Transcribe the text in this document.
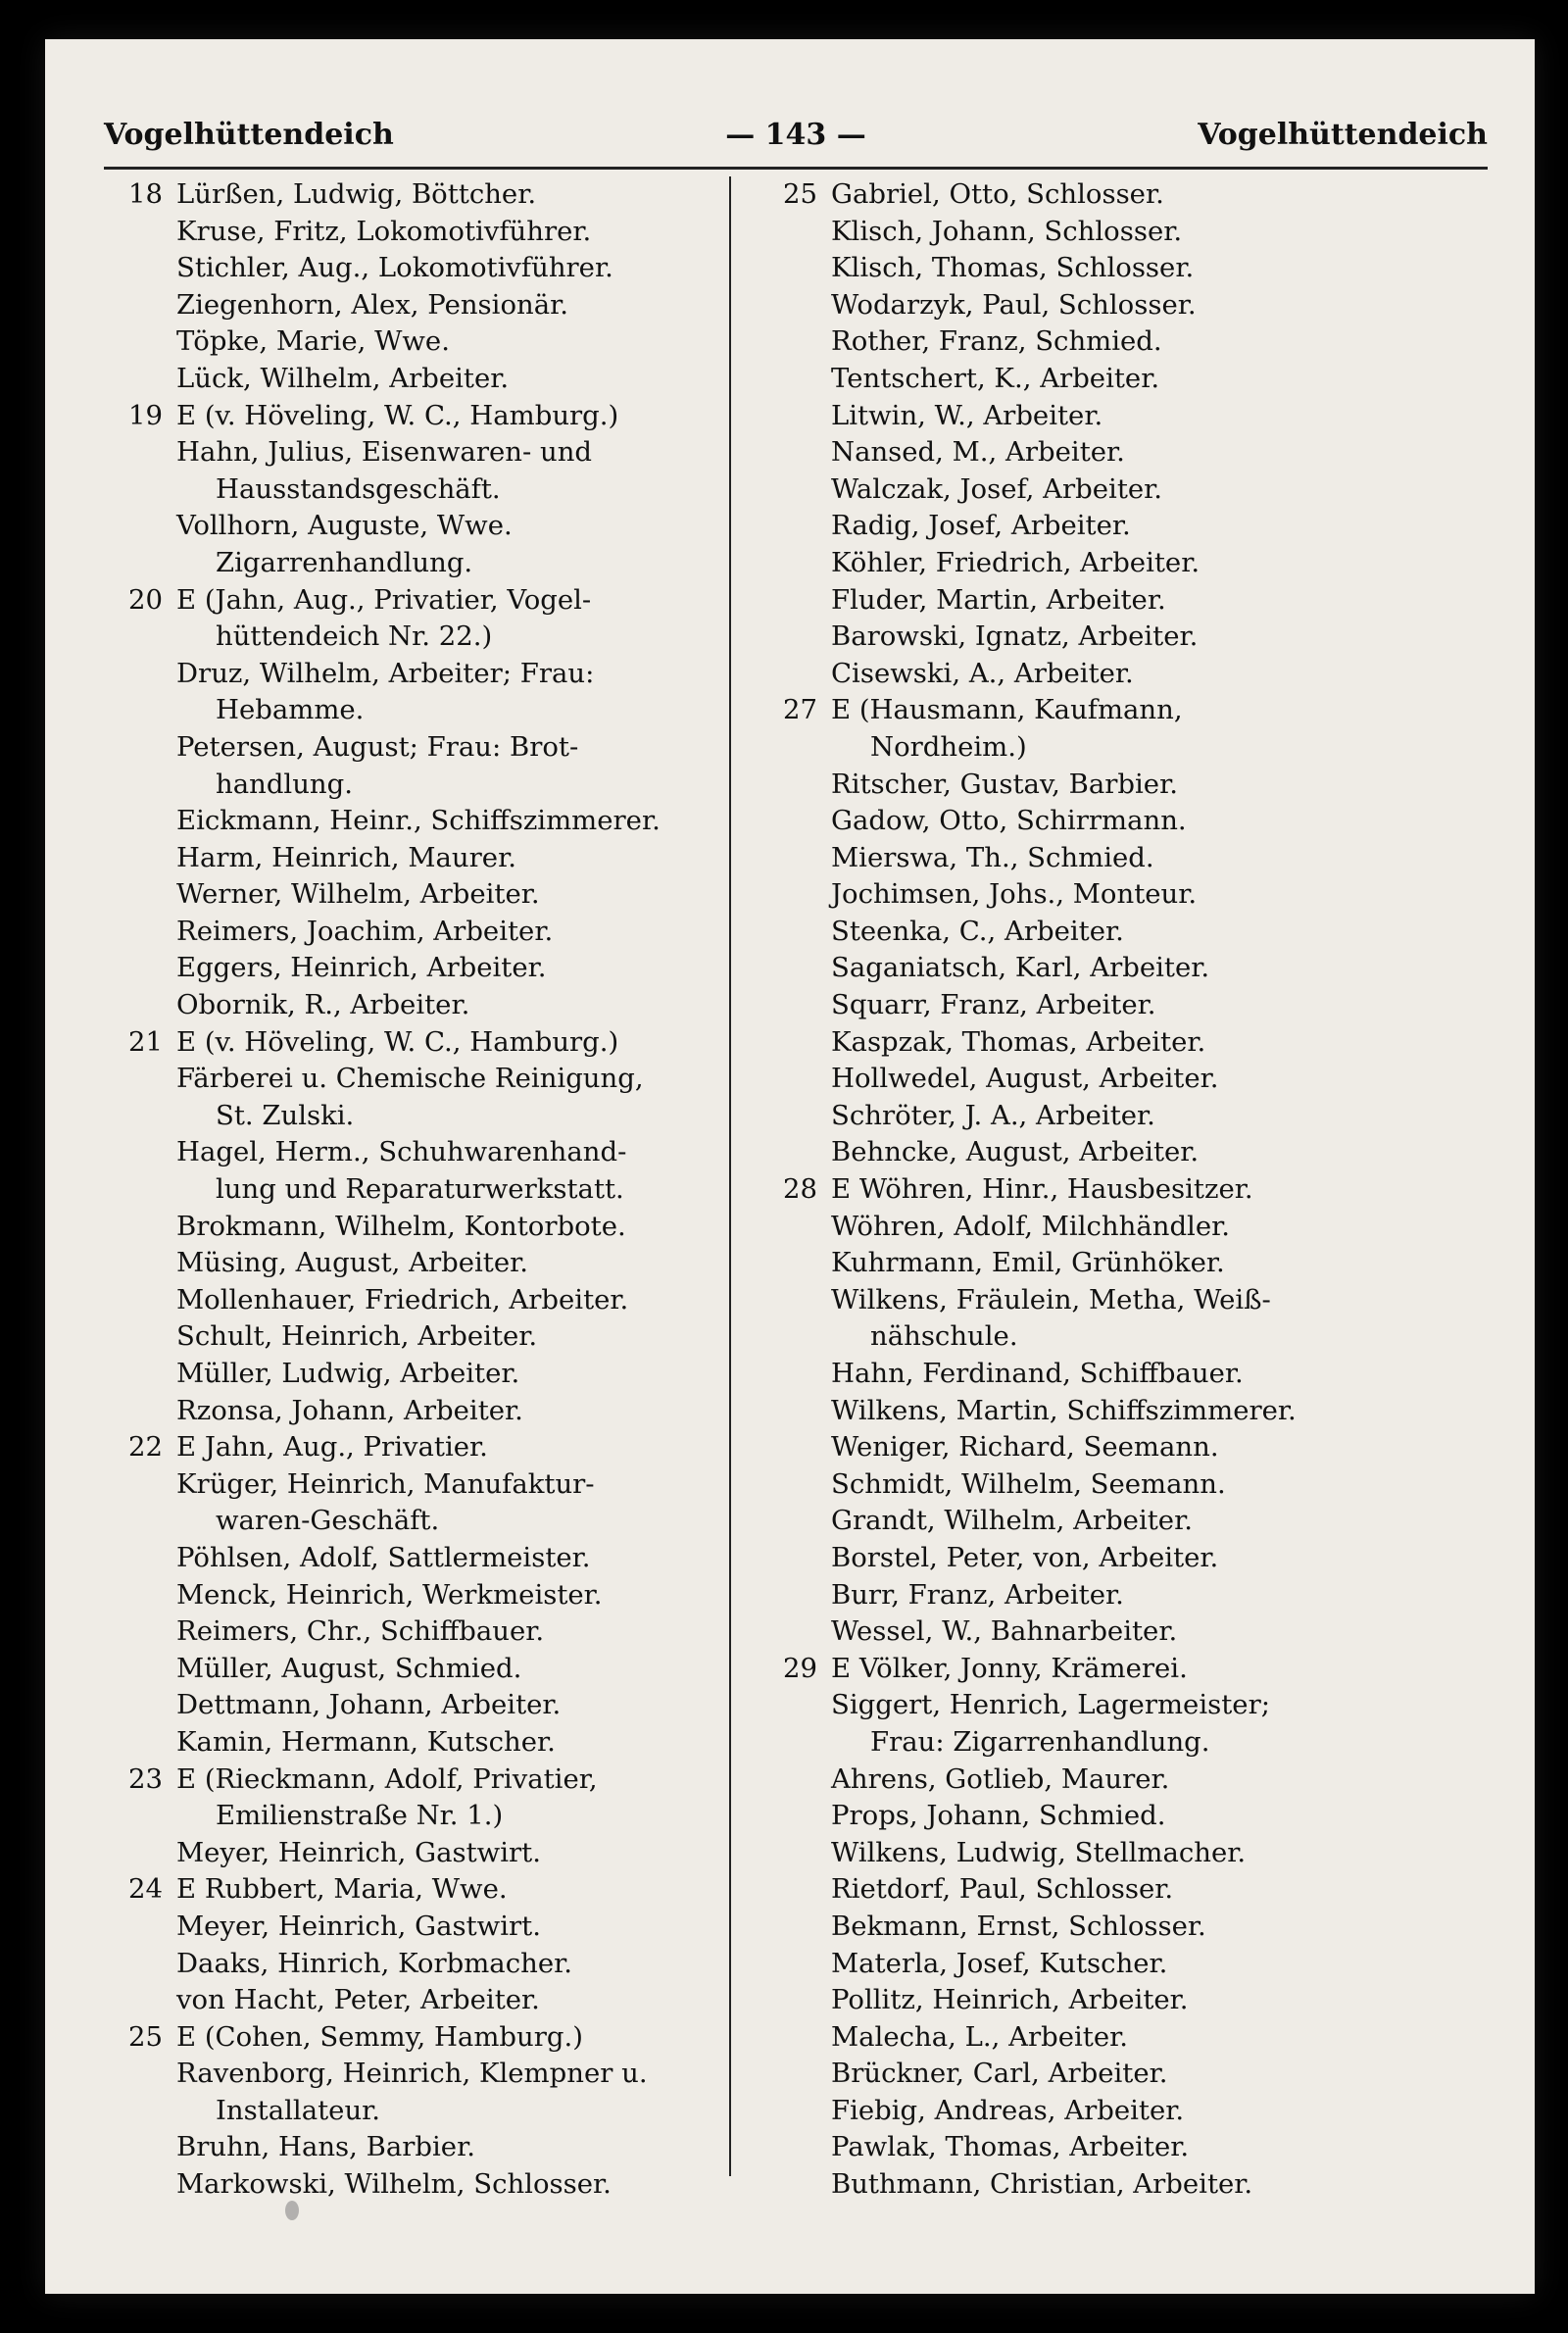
Vogelhüttendeich	— 143 —	Vogelhüttendeich
18 Lürßen, Ludwig, Böttcher.
Kruse, Fritz, Lokomotivführer.
Stichler, Aug., Lokomotivführer.
Ziegenhorn, Alex, Pensionär.
Töpke, Marie, Wwe.
Lück, Wilhelm, Arbeiter.
19 E (v. Höveling, W. C., Hamburg.)
Hahn, Julius, Eisenwaren- und
Hausstandsgeschäft.
Vollhorn, Auguste, Wwe.
Zigarrenhandlung.
20 E (Jahn, Aug., Privatier, Vogel-
hüttendeich Nr. 22.)
Druz, Wilhelm, Arbeiter; Frau:
Hebamme.
Petersen, August; Frau: Brot-
handlung.
Eickmann, Heinr., Schiffszimmerer.
Harm, Heinrich, Maurer.
Werner, Wilhelm, Arbeiter.
Reimers, Joachim, Arbeiter.
Eggers, Heinrich, Arbeiter.
Obornik, R., Arbeiter.
21 E (v. Höveling, W. C., Hamburg.)
Färberei u. Chemische Reinigung,
St. Zulski.
Hagel, Herm., Schuhwarenhand-
lung und Reparaturwerkstatt.
Brokmann, Wilhelm, Kontorbote.
Müsing, August, Arbeiter.
Mollenhauer, Friedrich, Arbeiter.
Schult, Heinrich, Arbeiter.
Müller, Ludwig, Arbeiter.
Rzonsa, Johann, Arbeiter.
22 E Jahn, Aug., Privatier.
Krüger, Heinrich, Manufaktur-
waren-Geschäft.
Pöhlsen, Adolf, Sattlermeister.
Menck, Heinrich, Werkmeister.
Reimers, Chr., Schiffbauer.
Müller, August, Schmied.
Dettmann, Johann, Arbeiter.
Kamin, Hermann, Kutscher.
23 E (Rieckmann, Adolf, Privatier,
Emilienstraße Nr. 1.)
Meyer, Heinrich, Gastwirt.
24 E Rubbert, Maria, Wwe.
Meyer, Heinrich, Gastwirt.
Daaks, Hinrich, Korbmacher.
von Hacht, Peter, Arbeiter.
25 E (Cohen, Semmy, Hamburg.)
Ravenborg, Heinrich, Klempner u.
Installateur.
Bruhn, Hans, Barbier.
Markowski, Wilhelm, Schlosser.
25 Gabriel, Otto, Schlosser.
Klisch, Johann, Schlosser.
Klisch, Thomas, Schlosser.
Wodarzyk, Paul, Schlosser.
Rother, Franz, Schmied.
Tentschert, K., Arbeiter.
Litwin, W., Arbeiter.
Nansed, M., Arbeiter.
Walczak, Josef, Arbeiter.
Radig, Josef, Arbeiter.
Köhler, Friedrich, Arbeiter.
Fluder, Martin, Arbeiter.
Barowski, Ignatz, Arbeiter.
Cisewski, A., Arbeiter.
27 E (Hausmann, Kaufmann,
Nordheim.)
Ritscher, Gustav, Barbier.
Gadow, Otto, Schirrmann.
Mierswa, Th., Schmied.
Jochimsen, Johs., Monteur.
Steenka, C., Arbeiter.
Saganiatsch, Karl, Arbeiter.
Squarr, Franz, Arbeiter.
Kaspzak, Thomas, Arbeiter.
Hollwedel, August, Arbeiter.
Schröter, J. A., Arbeiter.
Behncke, August, Arbeiter.
28 E Wöhren, Hinr., Hausbesitzer.
Wöhren, Adolf, Milchhändler.
Kuhrmann, Emil, Grünhöker.
Wilkens, Fräulein, Metha, Weiß-
nähschule.
Hahn, Ferdinand, Schiffbauer.
Wilkens, Martin, Schiffszimmerer.
Weniger, Richard, Seemann.
Schmidt, Wilhelm, Seemann.
Grandt, Wilhelm, Arbeiter.
Borstel, Peter, von, Arbeiter.
Burr, Franz, Arbeiter.
Wessel, W., Bahnarbeiter.
29 E Völker, Jonny, Krämerei.
Siggert, Henrich, Lagermeister;
Frau: Zigarrenhandlung.
Ahrens, Gotlieb, Maurer.
Props, Johann, Schmied.
Wilkens, Ludwig, Stellmacher.
Rietdorf, Paul, Schlosser.
Bekmann, Ernst, Schlosser.
Materla, Josef, Kutscher.
Pollitz, Heinrich, Arbeiter.
Malecha, L., Arbeiter.
Brückner, Carl, Arbeiter.
Fiebig, Andreas, Arbeiter.
Pawlak, Thomas, Arbeiter.
Buthmann, Christian, Arbeiter.
